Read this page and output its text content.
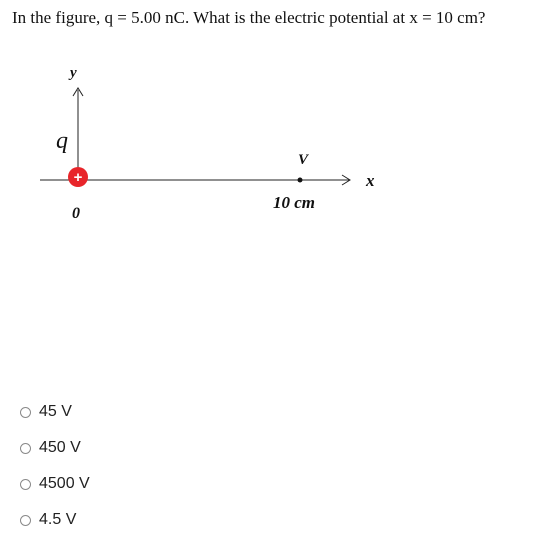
In the figure, q = 5.00 nC. What is the electric potential at x = 10 cm?
y
x
q
+
0
V
10 cm
45 V
450 V
4500 V
4.5 V
